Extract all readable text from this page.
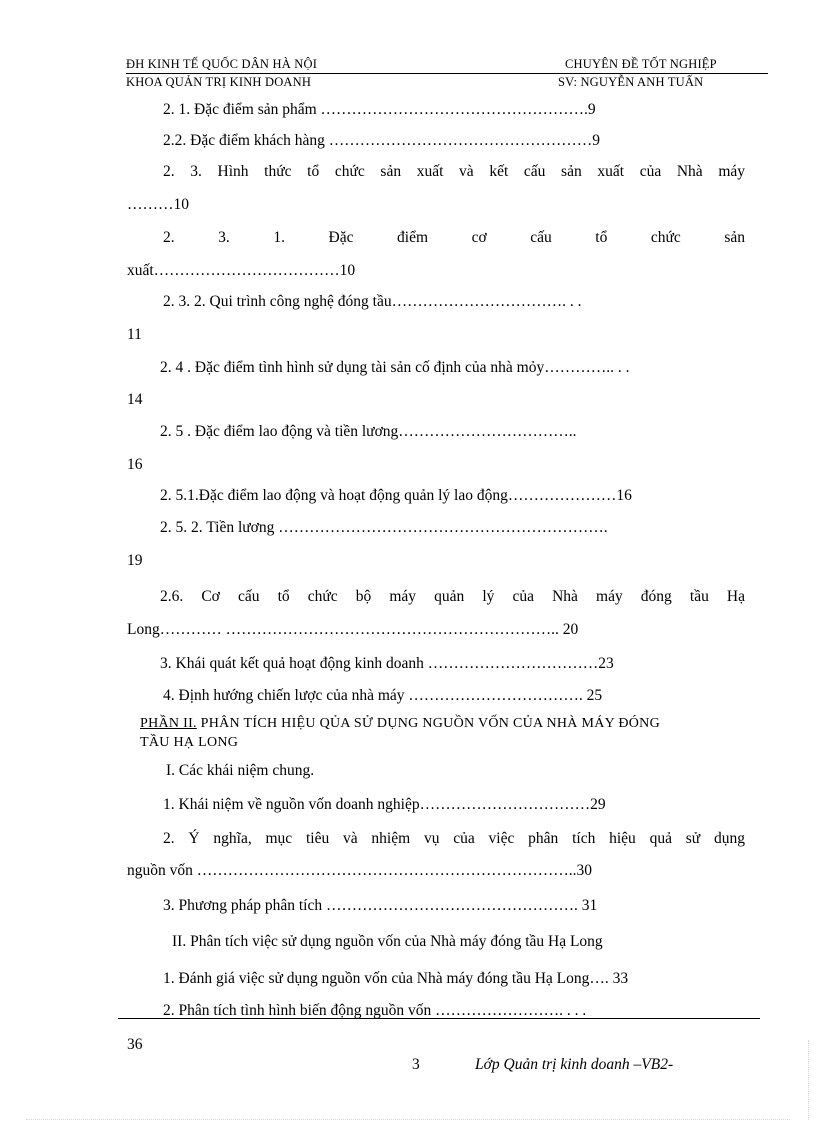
ĐH KINH TẾ QUỐC DÂN HÀ NỘI	CHUYÊN ĐỀ TỐT NGHIỆP
KHOA QUẢN TRỊ KINH DOANH	SV: NGUYỄN ANH TUẤN
2. 1. Đặc điểm sản phẩm …………………………………………….9
2.2. Đặc điểm khách hàng ……………………………………………9
2. 3. Hình thức tổ chức sản xuất và kết cấu sản xuất của Nhà máy
………10
2. 3. 1. Đặc điểm cơ cấu tổ chức sản
xuất………………………………10
2. 3. 2. Qui trình công nghệ đóng tầu……………………………. . .
11
2. 4 . Đặc điểm tình hình sử dụng tài sản cố định của nhà mỏy………….. . .
14
2. 5 . Đặc điểm lao động và tiền lương……………………………..
16
2. 5.1.Đặc điểm lao động và hoạt động quản lý lao động…………………16
2. 5. 2. Tiền lương ……………………………………………………….
19
2.6. Cơ cấu tổ chức bộ máy quản lý của Nhà máy đóng tầu Hạ
Long………… ……………………………………………………….. 20
3. Khái quát kết quả hoạt động kinh doanh ……………………………23
4. Định hướng chiến lược của nhà máy ……………………………. 25
PHẦN II. PHÂN TÍCH HIỆU QỦA SỬ DỤNG NGUỒN VỐN CỦA NHÀ MÁY ĐÓNG
TẦU HẠ LONG
I. Các khái niệm chung.
1. Khái niệm về nguồn vốn doanh nghiệp……………………………29
2. Ý nghĩa, mục tiêu và nhiệm vụ của việc phân tích hiệu quả sử dụng
nguồn vốn ………………………………………………………………..30
3. Phương pháp phân tích …………………………………………. 31
II. Phân tích việc sử dụng nguồn vốn của Nhà máy đóng tầu Hạ Long
1. Đánh giá việc sử dụng nguồn vốn của Nhà máy đóng tầu Hạ Long…. 33
2. Phân tích tình hình biến động nguồn vốn ……………………. . . .
36
3	Lớp Quản trị kinh doanh –VB2-
